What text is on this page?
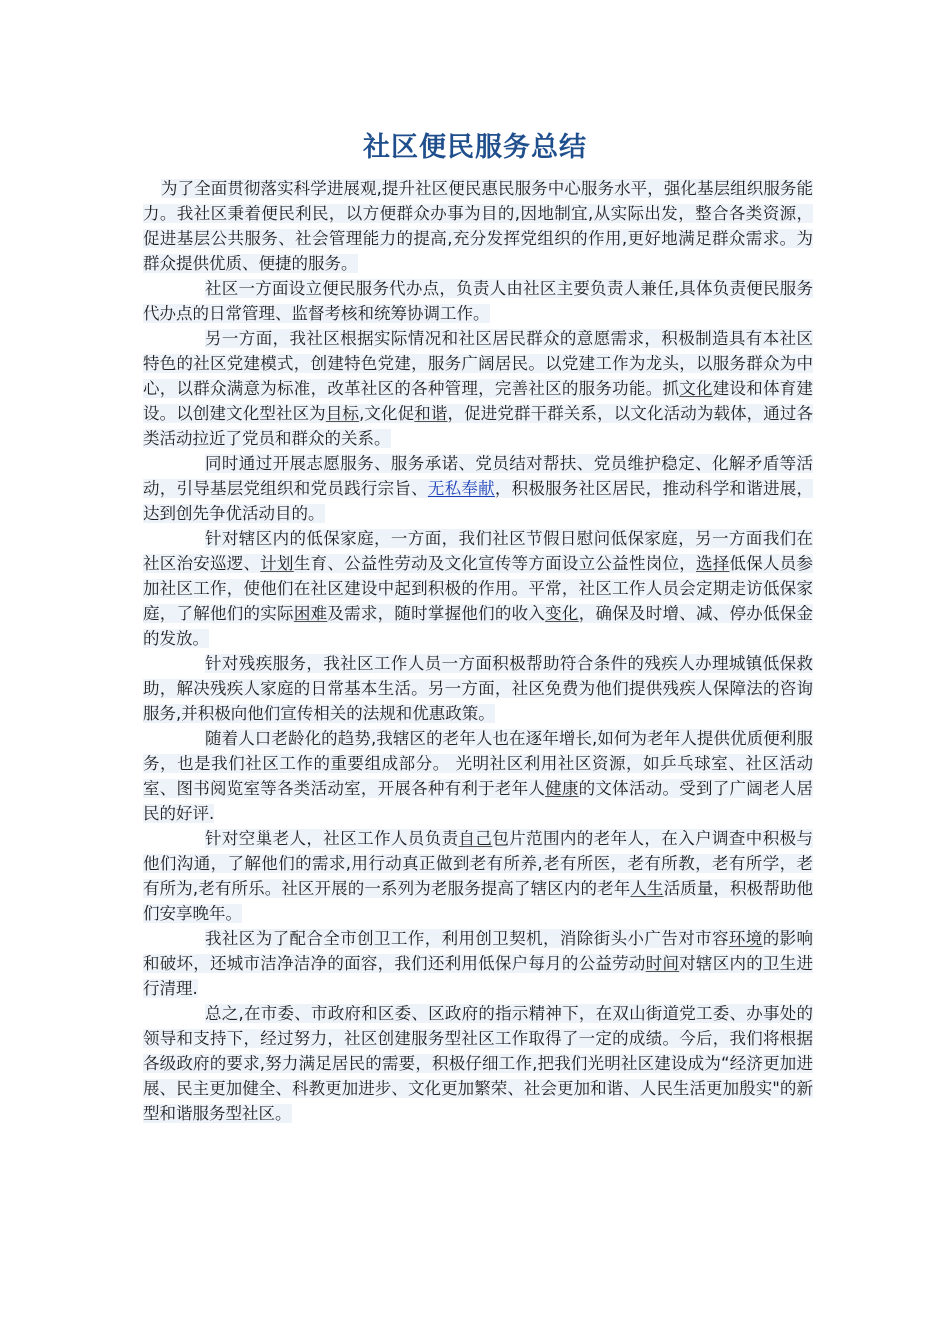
社区便民服务总结

为了全面贯彻落实科学进展观,提升社区便民惠民服务中心服务水平，强化基层组织服务能力。我社区秉着便民利民，以方便群众办事为目的,因地制宜,从实际出发，整合各类资源，促进基层公共服务、社会管理能力的提高,充分发挥党组织的作用,更好地满足群众需求。为群众提供优质、便捷的服务。

社区一方面设立便民服务代办点，负责人由社区主要负责人兼任,具体负责便民服务代办点的日常管理、监督考核和统筹协调工作。

另一方面，我社区根据实际情况和社区居民群众的意愿需求，积极制造具有本社区特色的社区党建模式，创建特色党建，服务广阔居民。以党建工作为龙头，以服务群众为中心，以群众满意为标准，改革社区的各种管理，完善社区的服务功能。抓文化建设和体育建设。以创建文化型社区为目标,文化促和谐，促进党群干群关系，以文化活动为载体，通过各类活动拉近了党员和群众的关系。

同时通过开展志愿服务、服务承诺、党员结对帮扶、党员维护稳定、化解矛盾等活动，引导基层党组织和党员践行宗旨、无私奉献，积极服务社区居民，推动科学和谐进展，达到创先争优活动目的。

针对辖区内的低保家庭，一方面，我们社区节假日慰问低保家庭，另一方面我们在社区治安巡逻、计划生育、公益性劳动及文化宣传等方面设立公益性岗位，选择低保人员参加社区工作，使他们在社区建设中起到积极的作用。平常，社区工作人员会定期走访低保家庭，了解他们的实际困难及需求，随时掌握他们的收入变化，确保及时增、减、停办低保金的发放。

针对残疾服务，我社区工作人员一方面积极帮助符合条件的残疾人办理城镇低保救助，解决残疾人家庭的日常基本生活。另一方面，社区免费为他们提供残疾人保障法的咨询服务,并积极向他们宣传相关的法规和优惠政策。

随着人口老龄化的趋势,我辖区的老年人也在逐年增长,如何为老年人提供优质便利服务，也是我们社区工作的重要组成部分。 光明社区利用社区资源，如乒乓球室、社区活动室、图书阅览室等各类活动室，开展各种有利于老年人健康的文体活动。受到了广阔老人居民的好评.

针对空巢老人，社区工作人员负责自己包片范围内的老年人，在入户调查中积极与他们沟通，了解他们的需求,用行动真正做到老有所养,老有所医，老有所教，老有所学，老有所为,老有所乐。社区开展的一系列为老服务提高了辖区内的老年人生活质量，积极帮助他们安享晚年。

我社区为了配合全市创卫工作，利用创卫契机，消除街头小广告对市容环境的影响和破坏，还城市洁净洁净的面容，我们还利用低保户每月的公益劳动时间对辖区内的卫生进行清理.

总之,在市委、市政府和区委、区政府的指示精神下，在双山街道党工委、办事处的领导和支持下，经过努力，社区创建服务型社区工作取得了一定的成绩。今后，我们将根据各级政府的要求,努力满足居民的需要，积极仔细工作,把我们光明社区建设成为“经济更加进展、民主更加健全、科教更加进步、文化更加繁荣、社会更加和谐、人民生活更加殷实"的新型和谐服务型社区。
